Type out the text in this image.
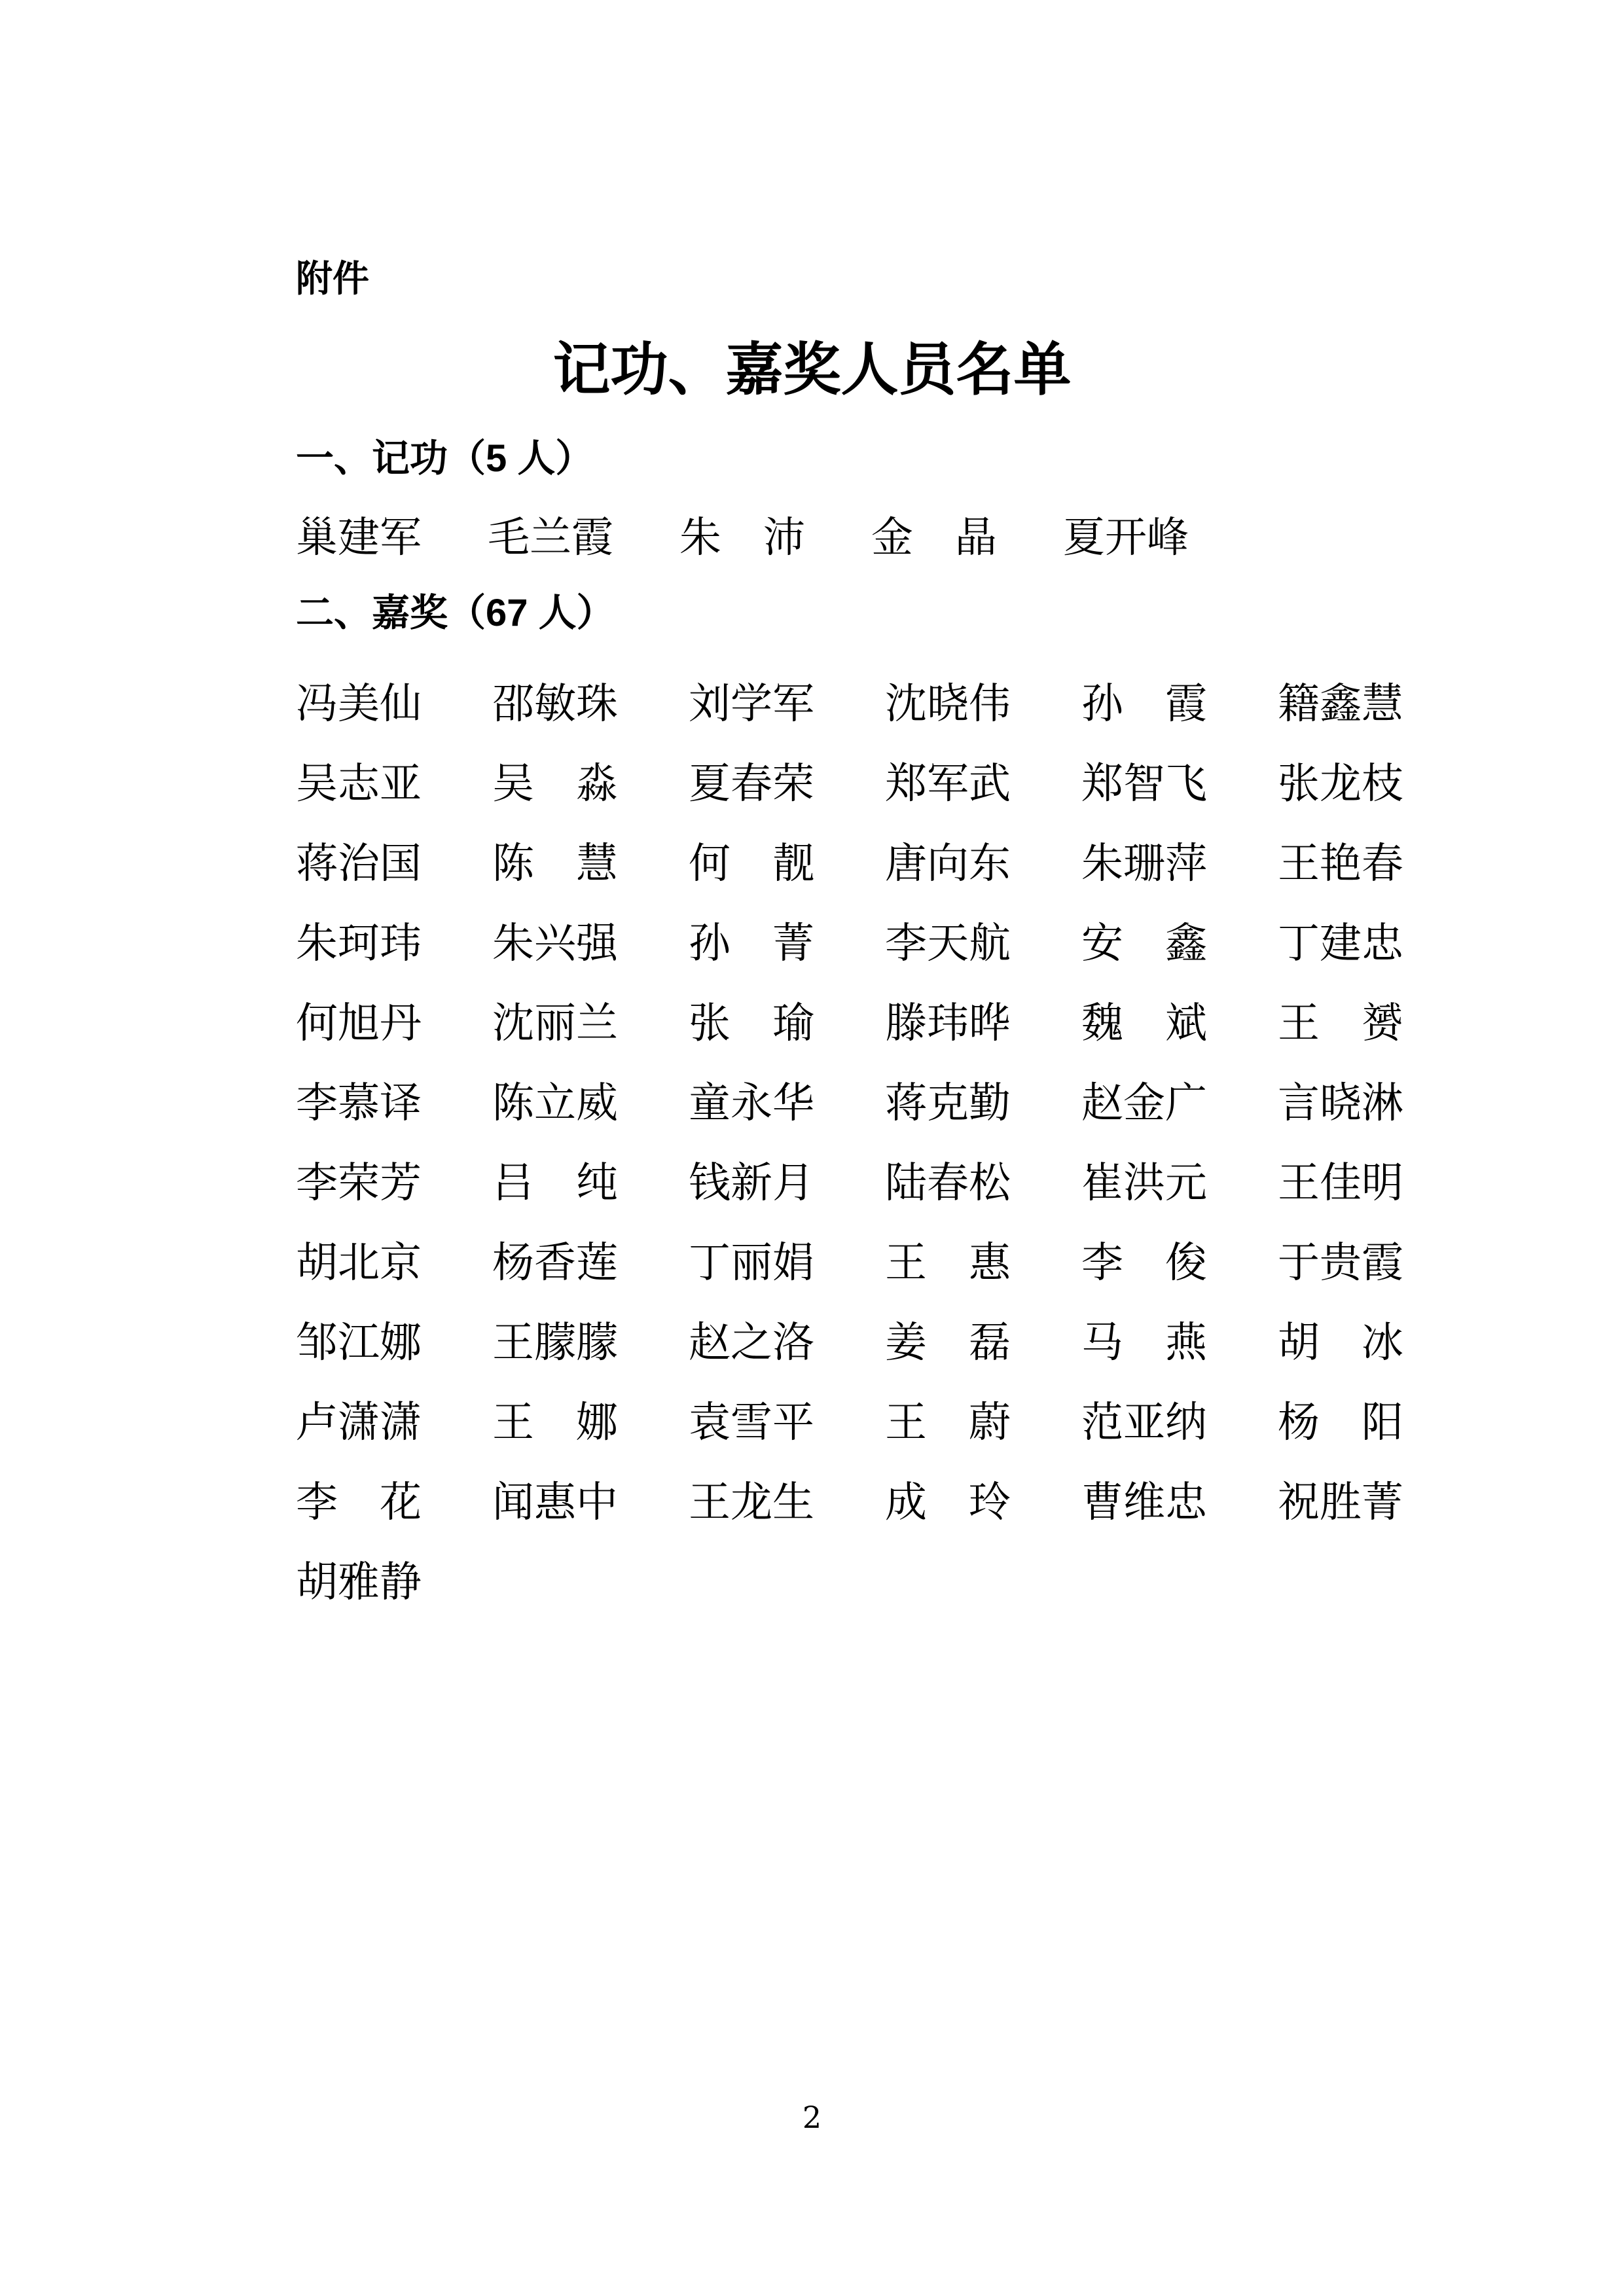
附件
记功、嘉奖人员名单
一、记功（5 人）
巢建军	毛兰霞	朱　沛	金　晶	夏开峰
二、嘉奖（67 人）
冯美仙	邵敏珠	刘学军	沈晓伟	孙　霞	籍鑫慧
吴志亚	吴　淼	夏春荣	郑军武	郑智飞	张龙枝
蒋治国	陈　慧	何　靓	唐向东	朱珊萍	王艳春
朱珂玮	朱兴强	孙　菁	李天航	安　鑫	丁建忠
何旭丹	沈丽兰	张　瑜	滕玮晔	魏　斌	王　赟
李慕译	陈立威	童永华	蒋克勤	赵金广	言晓淋
李荣芳	吕　纯	钱新月	陆春松	崔洪元	王佳明
胡北京	杨香莲	丁丽娟	王　惠	李　俊	于贵霞
邹江娜	王朦朦	赵之洛	姜　磊	马　燕	胡　冰
卢潇潇	王　娜	袁雪平	王　蔚	范亚纳	杨　阳
李　花	闻惠中	王龙生	成　玲	曹维忠	祝胜菁
胡雅静
2
